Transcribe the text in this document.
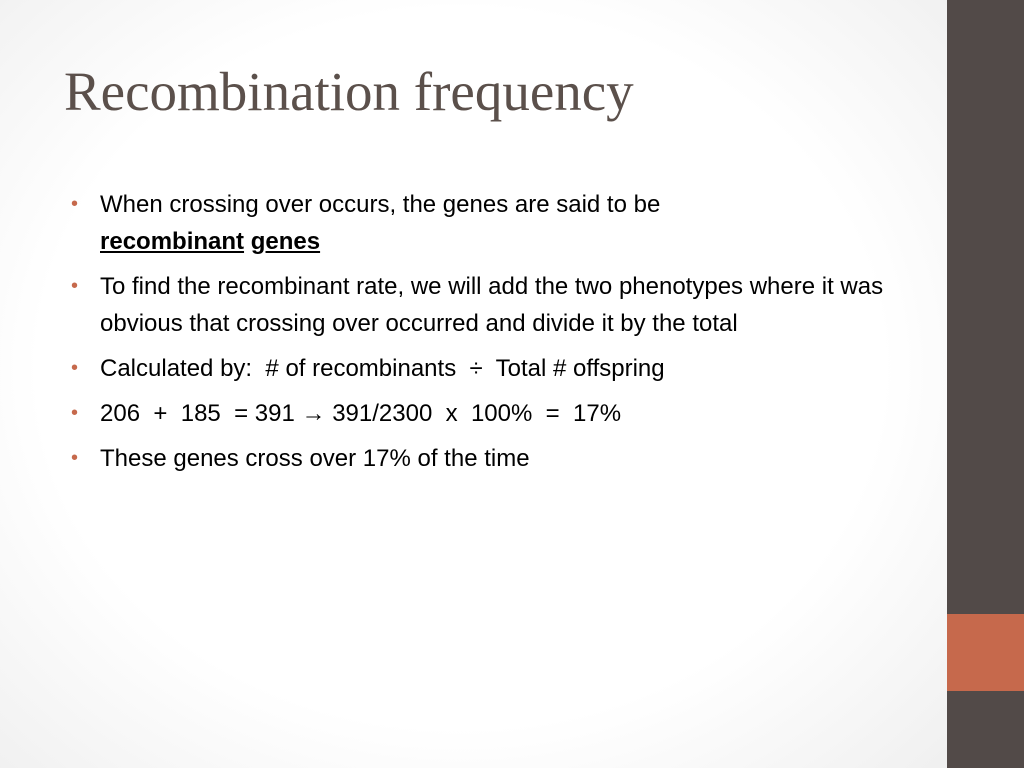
Recombination frequency
• When crossing over occurs, the genes are said to be
recombinant genes
• To find the recombinant rate, we will add the two phenotypes where it was obvious that crossing over occurred and divide it by the total
• Calculated by:  # of recombinants  ÷  Total # offspring
• 206  +  185  = 391 → 391/2300  x  100%  =  17%
• These genes cross over 17% of the time
